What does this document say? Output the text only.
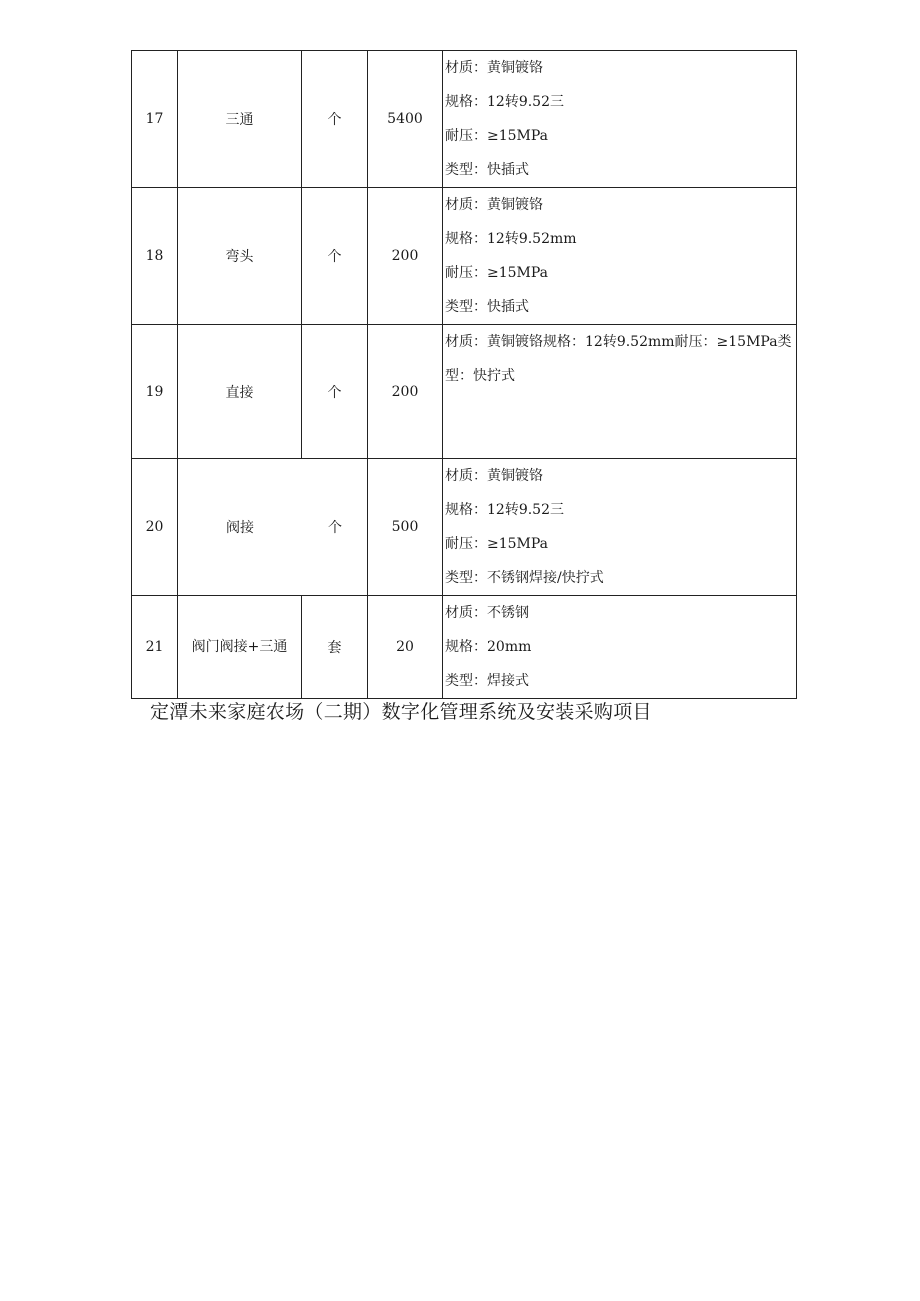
17	三通	个	5400	材质：黄铜镀铬
规格：12转9.52三
耐压：≥15MPa
类型：快插式

18	弯头	个	200	材质：黄铜镀铬
规格：12转9.52mm
耐压：≥15MPa
类型：快插式

19	直接	个	200	材质：黄铜镀铬规格：12转9.52mm耐压：≥15MPa类型：快拧式

20	阀接 个		500	材质：黄铜镀铬
规格：12转9.52三
耐压：≥15MPa
类型：不锈钢焊接/快拧式

21	阀门阀接+三通	套	20	材质：不锈钢
规格：20mm
类型：焊接式
定潭未来家庭农场（二期）数字化管理系统及安装采购项目
